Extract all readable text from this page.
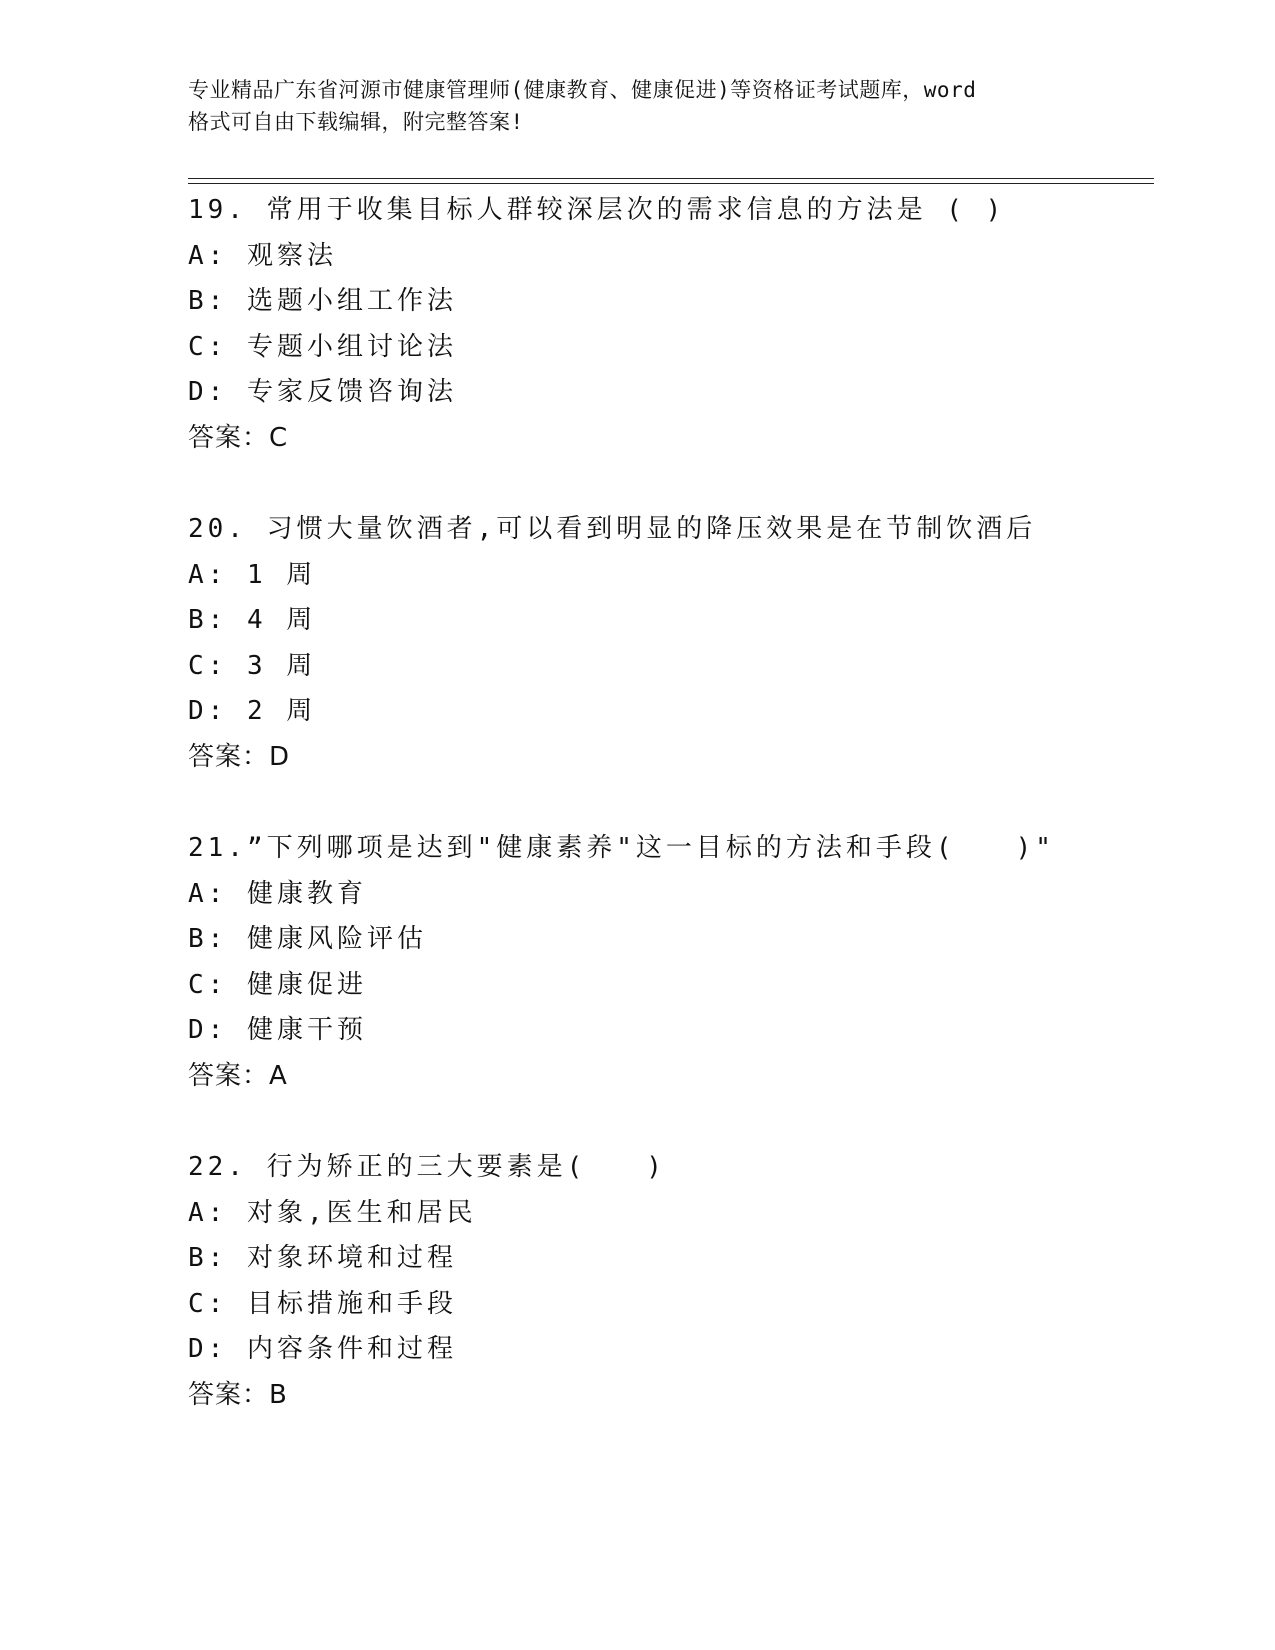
专业精品广东省河源市健康管理师(健康教育、健康促进)等资格证考试题库，word
格式可自由下载编辑，附完整答案!
19. 常用于收集目标人群较深层次的需求信息的方法是 ( )
A: 观察法
B: 选题小组工作法
C: 专题小组讨论法
D: 专家反馈咨询法
答案：C
20. 习惯大量饮酒者,可以看到明显的降压效果是在节制饮酒后
A: 1 周
B: 4 周
C: 3 周
D: 2 周
答案：D
21.”下列哪项是达到"健康素养"这一目标的方法和手段(　　)"
A: 健康教育
B: 健康风险评估
C: 健康促进
D: 健康干预
答案：A
22. 行为矫正的三大要素是(　　)
A: 对象,医生和居民
B: 对象环境和过程
C: 目标措施和手段
D: 内容条件和过程
答案：B
